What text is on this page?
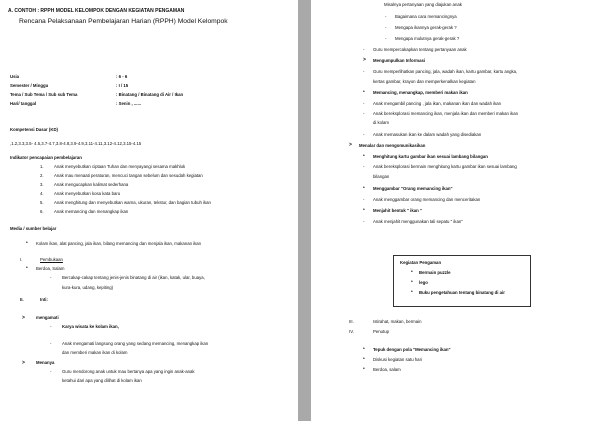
A. CONTOH : RPPH MODEL KELOMPOK DENGAN KEGIATAN PENGAMAN
Rencana Pelaksanaan Pembelajaran Harian (RPPH) Model Kelompok
Usia	: 6 - 6
Semester / Minggu	: I / 15
Tema / Sub Tema / Sub sub Tema	: Binatang / Binatang di Air / Ikan
Hari/ tanggal	: Senin , ......
Kompetensi Dasar (KD)
,1.2,3.3,3.5- 4.5,3.7-4.7,3.8-4.8,3.9-4.9,3.11-4.11,3.12-4.12,3.15-4.15
Indikator pencapaian pembelajaran
1. Anak menyebutkan ciptaan Tuhan dan menyayangi sesama makhluk
2. Anak mau menaati peraturan, mencuci tangan sebelum dan sesudah kegiatan
3. Anak mengucapkan kalimat sederhana
4. Anak menyebutkan kosa kata baru
5. Anak menghitung dan menyebutkan warna, ukuran, tekstur, dan bagian tubuh ikan
6. Anak memancing dan menangkap ikan
Media / sumber belajar
• Kolam ikan, alat pancing, jala ikan, bilang memancing dan menjala ikan, makanan ikan
I.	Pembukaan
• Berdoa, Salam
- Bercakap-cakap tentang jenis-jenis binatang di air (ikan, katak, ular, buaya,
kura-kura, udang, kepiting)
II.	Inti:
>	mengamati
- Karya wisata ke kolam ikan,
- Anak mengamati langsung orang yang sedang memancing, menangkap ikan
dan memberi makan ikan di kolam
>	Menanya
- Guru mendorong anak untuk mau bertanya apa yang ingin anak-anak
ketahui dari apa yang dilihat di kolam ikan
Misalnya pertanyaan yang diajukan anak
- Bagaimana cara memancingnya
- Mengapa ikannya gerak-gerak ?
- Mengapa mulutnya gerak-gerak ?
- Guru mempercakapkan tentang pertanyaan anak
> Mengumpulkan Informasi
- Guru memperlihatkan pancing, jala, wadah ikan, kartu gambar, kartu angka,
kertas gambar, krayon dan memperkenalkan kegiatan
• Memancing, menangkap, memberi makan ikan
- Anak mengambil pancing , jala ikan, makanan ikan dan wadah ikan
- Anak bereksplorasi memancing ikan, menjala ikan dan memberi makan ikan
di kolam
- Anak memasukan ikan ke dalam wadah yang disediakan
> Menalar dan mengomunikasikan
• Menghitung kartu gambar ikan sesuai lambang bilangan
- Anak bereksplorasi bermain menghitung kartu gambar ikan sesuai lambang
bilangan
• Menggambar "Orang memancing ikan"
- Anak menggambar orang memancing dan menceritakan
• Menjahit bentuk " ikan "
- Anak menjahit menggunakan tali sepatu " ikan"
Kegiatan Pengaman
• Bermain puzzle
• lego
• Buku pengetahuan tentang binatang di air
III.	Istirahat, makan, bermain
IV.	Penutup
• Tepuk dengan pola "Memancing ikan"
• Diskusi kegiatan satu hari
• Berdoa, salam
